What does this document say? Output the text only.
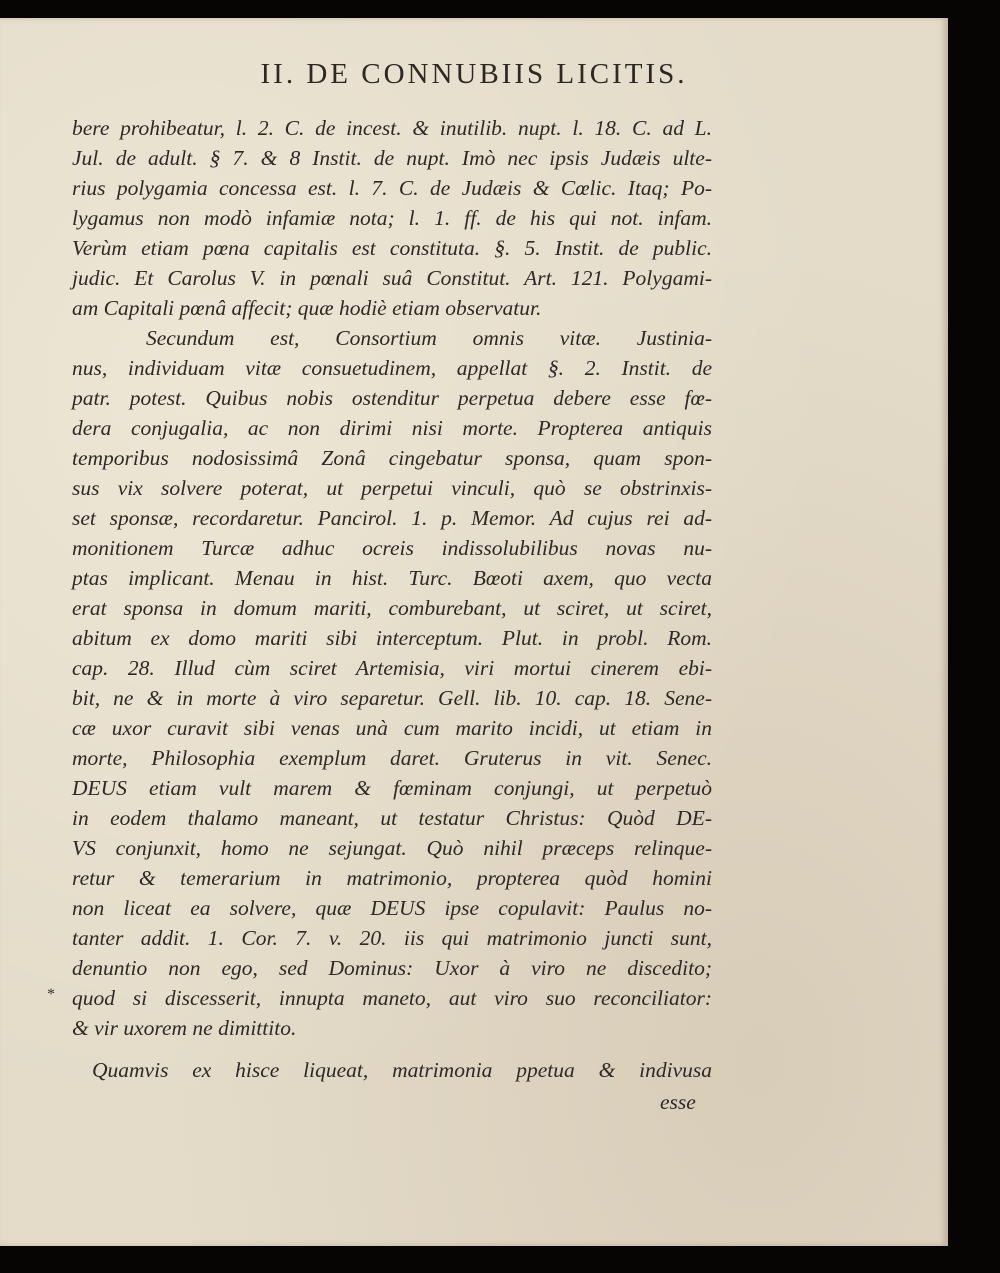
II. DE CONNUBIIS LICITIS.
bere prohibeatur, l. 2. C. de incest. & inutilib. nupt. l. 18. C. ad L.
Jul. de adult. § 7. & 8 Instit. de nupt. Imò nec ipsis Judæis ulte-
rius polygamia concessa est. l. 7. C. de Judæis & Cœlic. Itaq; Po-
lygamus non modò infamiæ nota; l. 1. ff. de his qui not. infam.
Verùm etiam pœna capitalis est constituta. §. 5. Instit. de public.
judic. Et Carolus V. in pœnali suâ Constitut. Art. 121. Polygami-
am Capitali pœnâ affecit; quæ hodiè etiam observatur.
Secundum est, Consortium omnis vitæ. Justinia-
nus, individuam vitæ consuetudinem, appellat §. 2. Instit. de
patr. potest. Quibus nobis ostenditur perpetua debere esse fœ-
dera conjugalia, ac non dirimi nisi morte. Propterea antiquis
temporibus nodosissimâ Zonâ cingebatur sponsa, quam spon-
sus vix solvere poterat, ut perpetui vinculi, quò se obstrinxis-
set sponsæ, recordaretur. Pancirol. 1. p. Memor. Ad cujus rei ad-
monitionem Turcæ adhuc ocreis indissolubilibus novas nu-
ptas implicant. Menau in hist. Turc. Bœoti axem, quo vecta
erat sponsa in domum mariti, comburebant, ut sciret, ut sciret,
abitum ex domo mariti sibi interceptum. Plut. in probl. Rom.
cap. 28. Illud cùm sciret Artemisia, viri mortui cinerem ebi-
bit, ne & in morte à viro separetur. Gell. lib. 10. cap. 18. Sene-
cæ uxor curavit sibi venas unà cum marito incidi, ut etiam in
morte, Philosophia exemplum daret. Gruterus in vit. Senec.
DEUS etiam vult marem & fœminam conjungi, ut perpetuò
in eodem thalamo maneant, ut testatur Christus: Quòd DE-
VS conjunxit, homo ne sejungat. Quò nihil præceps relinque-
retur & temerarium in matrimonio, propterea quòd homini
non liceat ea solvere, quæ DEUS ipse copulavit: Paulus no-
tanter addit. 1. Cor. 7. v. 20. iis qui matrimonio juncti sunt,
denuntio non ego, sed Dominus: Uxor à viro ne discedito;
quod si discesserit, innupta maneto, aut viro suo reconciliator:
& vir uxorem ne dimittito.
Quamvis ex hisce liqueat, matrimonia ppetua & indivusa
esse
*
